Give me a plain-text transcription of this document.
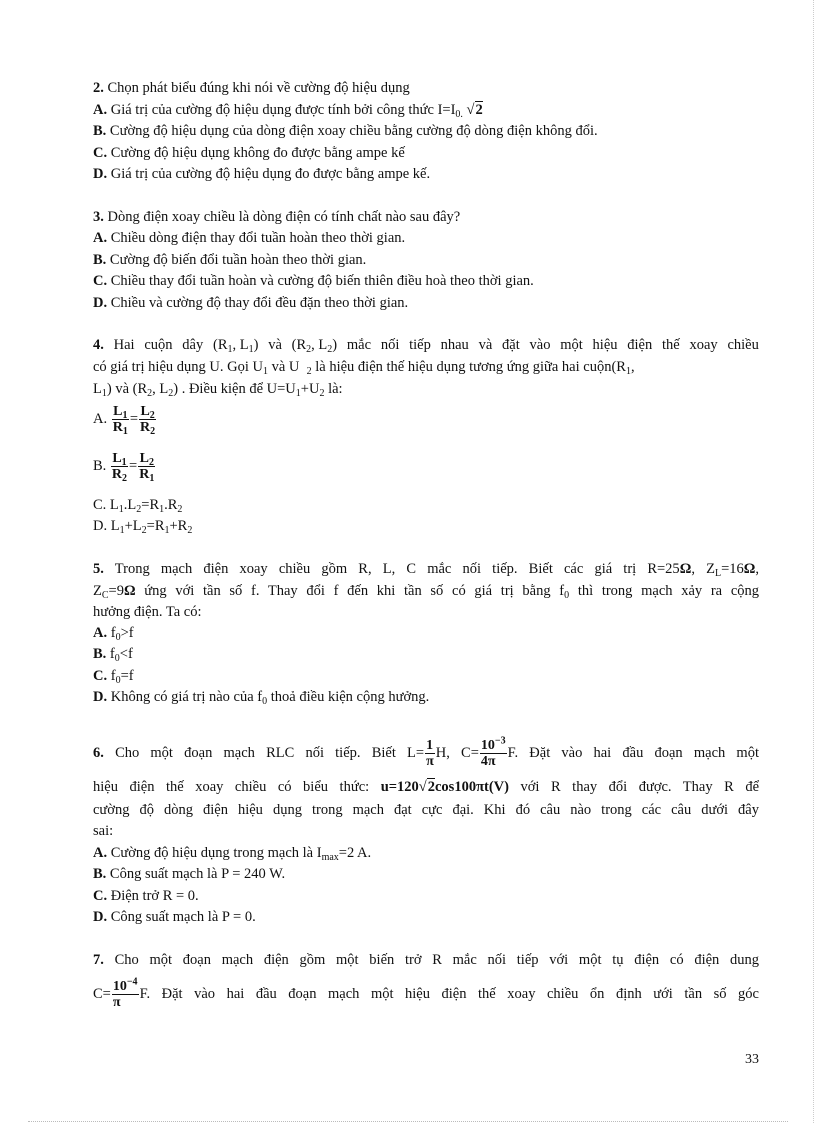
2. Chọn phát biểu đúng khi nói về cường độ hiệu dụng
A. Giá trị của cường độ hiệu dụng được tính bởi công thức $I=I_{0.}$ √2
B. Cường độ hiệu dụng của dòng điện xoay chiều bằng cường độ dòng điện không đổi.
C. Cường độ hiệu dụng không đo được bằng ampe kế
D. Giá trị của cường độ hiệu dụng đo được bằng ampe kế.
3. Dòng điện xoay chiều là dòng điện có tính chất nào sau đây?
A. Chiều dòng điện thay đổi tuần hoàn theo thời gian.
B. Cường độ biến đổi tuần hoàn theo thời gian.
C. Chiều thay đổi tuần hoàn và cường độ biến thiên điều hoà theo thời gian.
D. Chiều và cường độ thay đổi đều đặn theo thời gian.
4. Hai cuộn dây ($R_1$, $L_1$) và ($R_2$, $L_2$) mắc nối tiếp nhau và đặt vào một hiệu điện thế xoay chiều
có giá trị hiệu dụng U. Gọi $U_1$ và U $_2$ là hiệu điện thế hiệu dụng tương ứng giữa hai $cuộn(R_1$,
$L_1$) và ($R_2$, $L_2$) . Điều kiện để $U=U_1+U_2$ là:
A. $\frac{L_1}{R_1} = \frac{L_2}{R_2}$
B. $\frac{L_1}{R_2} = \frac{L_2}{R_1}$
C. $L_1.L_2=R_1.R_2$
D. $L_1+L_2=R_1+R_2$
5. Trong mạch điện xoay chiều gồm R, L, C mắc nối tiếp. Biết các giá trị R=25Ω, $Z_L=16\Omega$,
$Z_C=9\Omega$ ứng với tần số f. Thay đổi f đến khi tần số có giá trị bằng $f_0$ thì trong mạch xảy ra cộng
hưởng điện. Ta có:
A. $f_0>f$
B. $f_0<f$
C. $f_0=f$
D. Không có giá trị nào của $f_0$ thoả điều kiện cộng hưởng.
6. Cho một đoạn mạch RLC nối tiếp. Biết $L= \frac{1}{\pi} H$, $C= \frac{10^{-3}}{4\pi} F$. Đặt vào hai đầu đoạn mạch một
hiệu điện thế xoay chiều có biểu thức: u=120√2cos100πt(V) với R thay đổi được. Thay R để
cường độ dòng điện hiệu dụng trong mạch đạt cực đại. Khi đó câu nào trong các câu dưới đây
sai:
A. Cường độ hiệu dụng trong mạch là $I_{max}=2$ A.
B. Công suất mạch là P = 240 W.
C. Điện trở R = 0.
D. Công suất mạch là P = 0.
7. Cho một đoạn mạch điện gồm một biến trở R mắc nối tiếp với một tụ điện có điện dung
$C= \frac{10^{-4}}{\pi} F$. Đặt vào hai đầu đoạn mạch một hiệu điện thế xoay chiều ổn định ưới tần số góc
33
